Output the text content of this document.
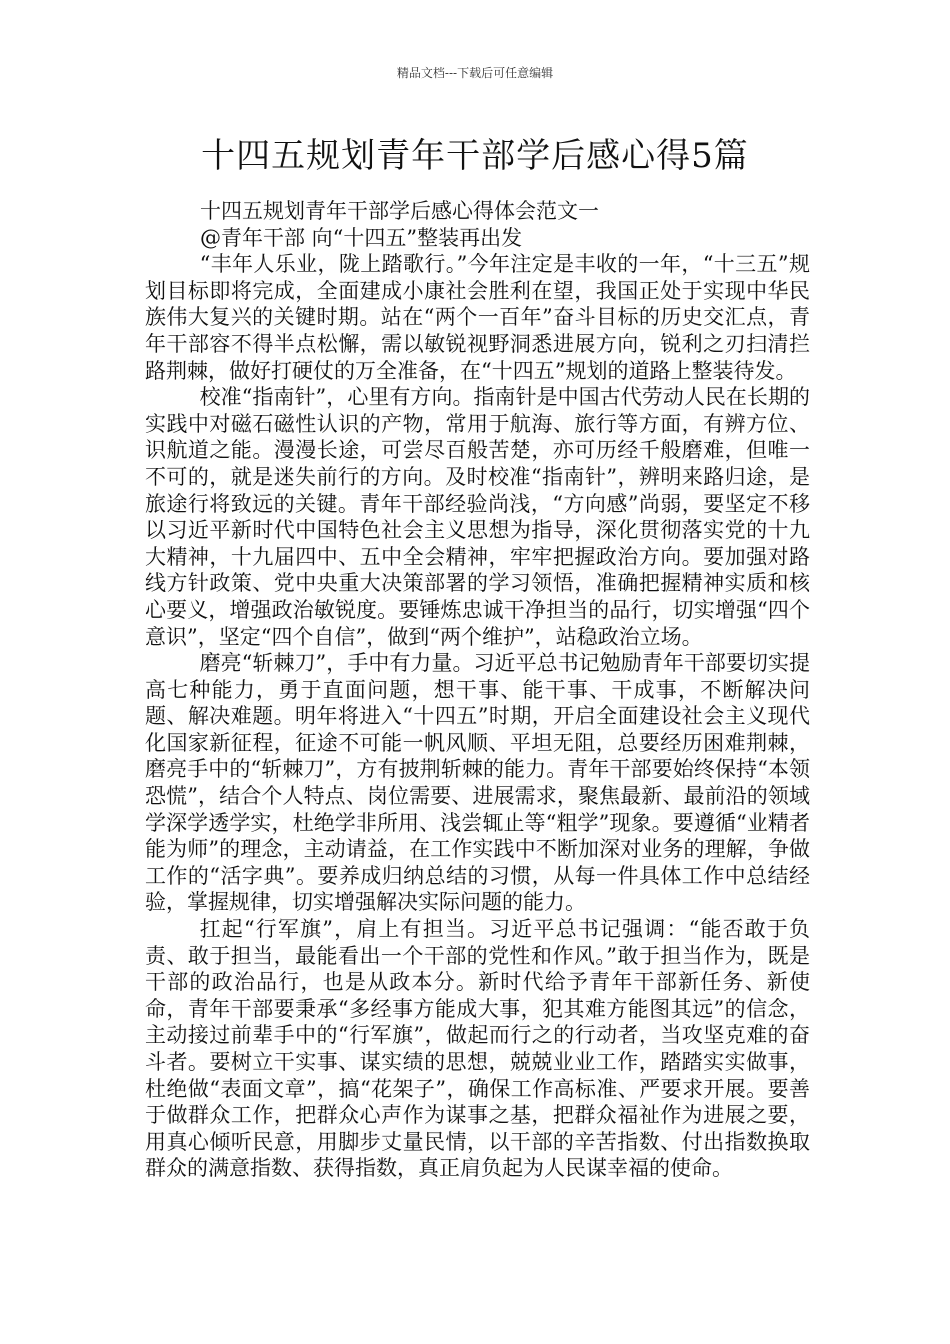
精品文档---下载后可任意编辑
十四五规划青年干部学后感心得5篇

十四五规划青年干部学后感心得体会范文一

@青年干部 向“十四五”整装再出发

“丰年人乐业，陇上踏歌行。”今年注定是丰收的一年，“十三五”规划目标即将完成，全面建成小康社会胜利在望，我国正处于实现中华民族伟大复兴的关键时期。站在“两个一百年”奋斗目标的历史交汇点，青年干部容不得半点松懈，需以敏锐视野洞悉进展方向，锐利之刃扫清拦路荆棘，做好打硬仗的万全准备，在“十四五”规划的道路上整装待发。

校准“指南针”，心里有方向。指南针是中国古代劳动人民在长期的实践中对磁石磁性认识的产物，常用于航海、旅行等方面，有辨方位、识航道之能。漫漫长途，可尝尽百般苦楚，亦可历经千般磨难，但唯一不可的，就是迷失前行的方向。及时校准“指南针”，辨明来路归途，是旅途行将致远的关键。青年干部经验尚浅，“方向感”尚弱，要坚定不移以习近平新时代中国特色社会主义思想为指导，深化贯彻落实党的十九大精神，十九届四中、五中全会精神，牢牢把握政治方向。要加强对路线方针政策、党中央重大决策部署的学习领悟，准确把握精神实质和核心要义，增强政治敏锐度。要锤炼忠诚干净担当的品行，切实增强“四个意识”，坚定“四个自信”，做到“两个维护”，站稳政治立场。

磨亮“斩棘刀”，手中有力量。习近平总书记勉励青年干部要切实提高七种能力，勇于直面问题，想干事、能干事、干成事，不断解决问题、解决难题。明年将进入“十四五”时期，开启全面建设社会主义现代化国家新征程，征途不可能一帆风顺、平坦无阻，总要经历困难荆棘，磨亮手中的“斩棘刀”，方有披荆斩棘的能力。青年干部要始终保持“本领恐慌”，结合个人特点、岗位需要、进展需求，聚焦最新、最前沿的领域学深学透学实，杜绝学非所用、浅尝辄止等“粗学”现象。要遵循“业精者能为师”的理念，主动请益，在工作实践中不断加深对业务的理解，争做工作的“活字典”。要养成归纳总结的习惯，从每一件具体工作中总结经验，掌握规律，切实增强解决实际问题的能力。

扛起“行军旗”，肩上有担当。习近平总书记强调：“能否敢于负责、敢于担当，最能看出一个干部的党性和作风。”敢于担当作为，既是干部的政治品行，也是从政本分。新时代给予青年干部新任务、新使命，青年干部要秉承“多经事方能成大事，犯其难方能图其远”的信念，主动接过前辈手中的“行军旗”，做起而行之的行动者，当攻坚克难的奋斗者。要树立干实事、谋实绩的思想，兢兢业业工作，踏踏实实做事，杜绝做“表面文章”，搞“花架子”，确保工作高标准、严要求开展。要善于做群众工作，把群众心声作为谋事之基，把群众福祉作为进展之要，用真心倾听民意，用脚步丈量民情，以干部的辛苦指数、付出指数换取群众的满意指数、获得指数，真正肩负起为人民谋幸福的使命。
